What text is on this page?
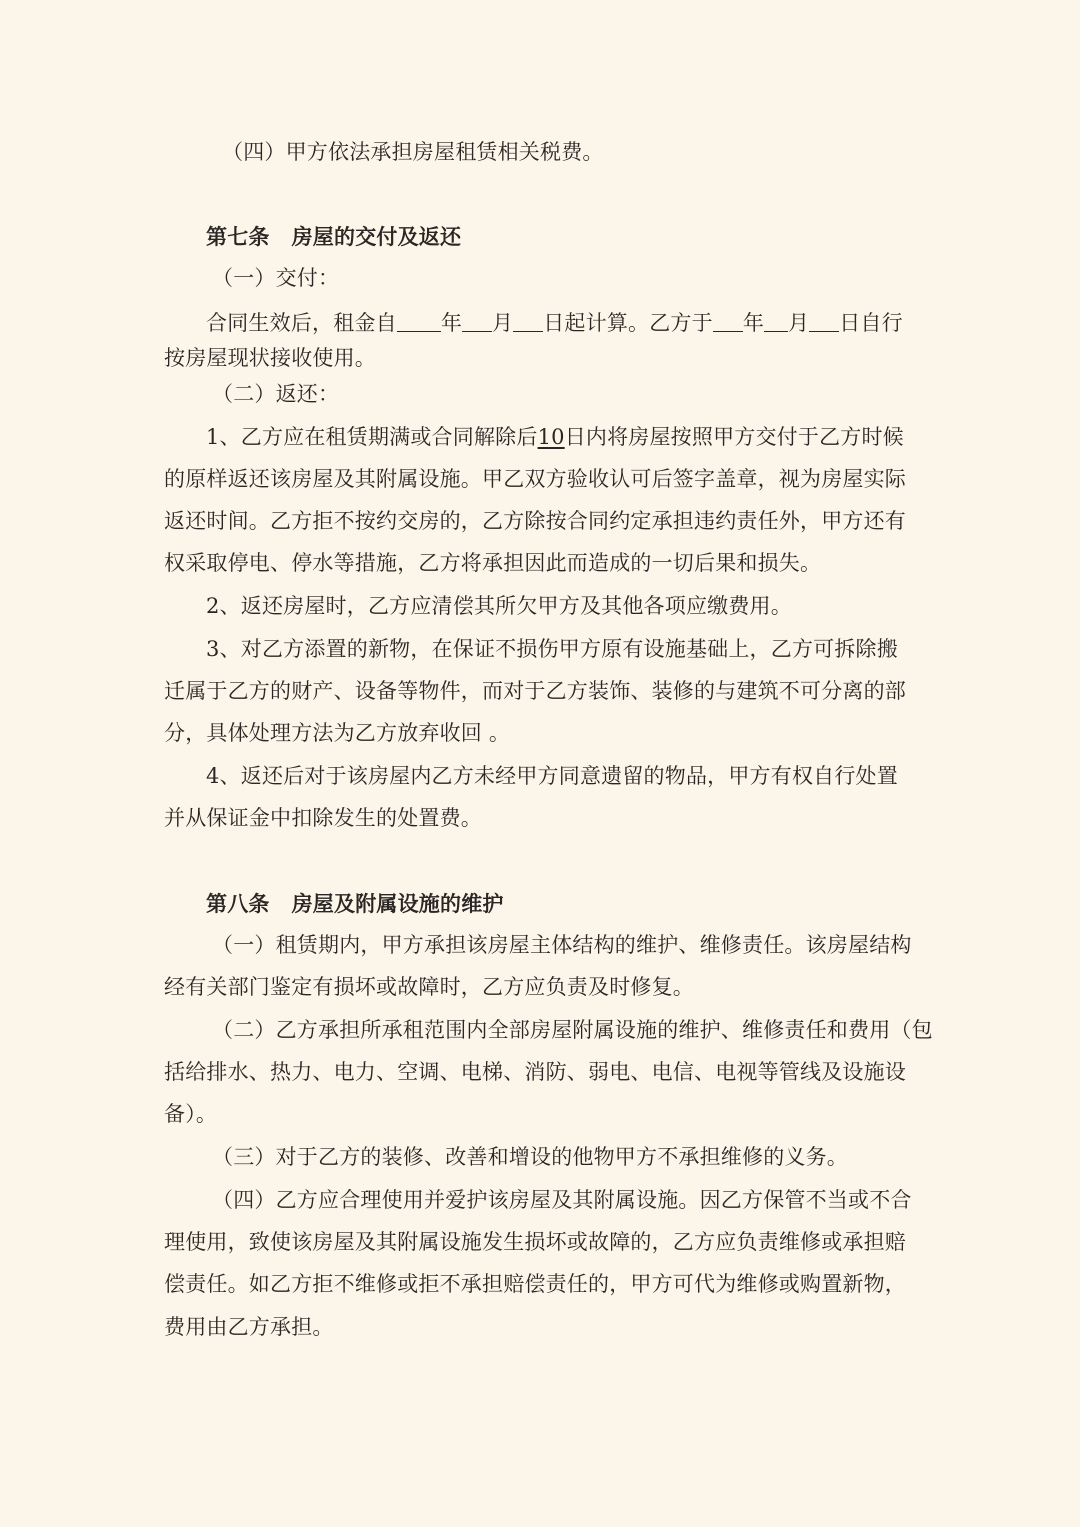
（四）甲方依法承担房屋租赁相关税费。
第七条 房屋的交付及返还
（一）交付：
合同生效后，租金自 年 月 日起计算。乙方于 年 月 日自行
按房屋现状接收使用。
（二）返还：
1、乙方应在租赁期满或合同解除后10日内将房屋按照甲方交付于乙方时候
的原样返还该房屋及其附属设施。甲乙双方验收认可后签字盖章，视为房屋实际
返还时间。乙方拒不按约交房的，乙方除按合同约定承担违约责任外，甲方还有
权采取停电、停水等措施，乙方将承担因此而造成的一切后果和损失。
2、返还房屋时，乙方应清偿其所欠甲方及其他各项应缴费用。
3、对乙方添置的新物，在保证不损伤甲方原有设施基础上，乙方可拆除搬
迁属于乙方的财产、设备等物件，而对于乙方装饰、装修的与建筑不可分离的部
分，具体处理方法为乙方放弃收回 。
4、返还后对于该房屋内乙方未经甲方同意遗留的物品，甲方有权自行处置
并从保证金中扣除发生的处置费。
第八条 房屋及附属设施的维护
（一）租赁期内，甲方承担该房屋主体结构的维护、维修责任。该房屋结构
经有关部门鉴定有损坏或故障时，乙方应负责及时修复。
（二）乙方承担所承租范围内全部房屋附属设施的维护、维修责任和费用（包
括给排水、热力、电力、空调、电梯、消防、弱电、电信、电视等管线及设施设
备）。
（三）对于乙方的装修、改善和增设的他物甲方不承担维修的义务。
（四）乙方应合理使用并爱护该房屋及其附属设施。因乙方保管不当或不合
理使用，致使该房屋及其附属设施发生损坏或故障的，乙方应负责维修或承担赔
偿责任。如乙方拒不维修或拒不承担赔偿责任的，甲方可代为维修或购置新物，
费用由乙方承担。
